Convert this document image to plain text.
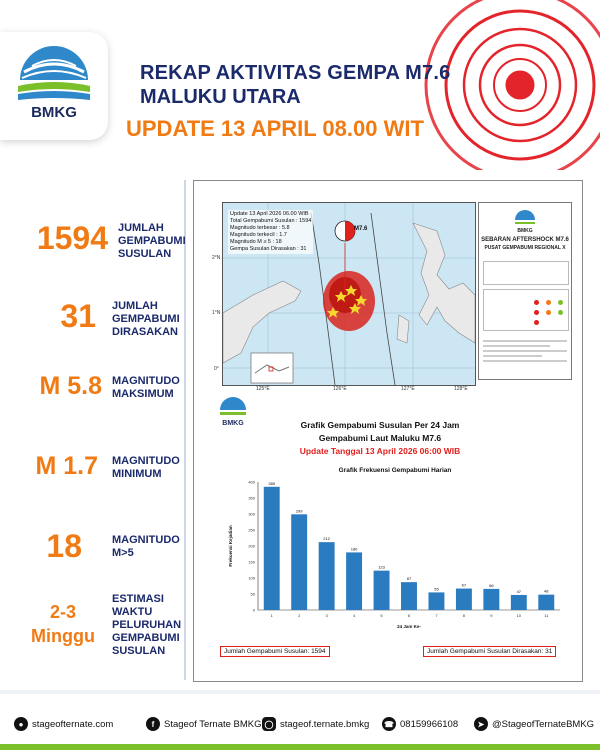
BMKG
REKAP AKTIVITAS GEMPA M7.6
MALUKU UTARA
UPDATE 13 APRIL 08.00 WIT
1594 JUMLAH
GEMPABUMI
SUSULAN
31 JUMLAH
GEMPABUMI
DIRASAKAN
M 5.8 MAGNITUDO
MAKSIMUM
M 1.7 MAGNITUDO
MINIMUM
18	MAGNITUDO
M>5
2-3
Minggu
ESTIMASI
WAKTU
PELURUHAN
GEMPABUMI
SUSULAN
Update 13 April 2026 06.00 WIB
Total Gempabumi Susulan : 1594
Magnitudo terbesar : 5.8
Magnitudo terkecil : 1.7
Magnitudo M ≥ 5 : 18
Gempa Susulan Dirasakan : 31
M7.6
2°N
1°N
0°
125°E	126°E	127°E	128°E
BMKG
SEBARAN AFTERSHOCK M7.6
PUSAT GEMPABUMI REGIONAL X
BMKG	Grafik Gempabumi Susulan Per 24 Jam
Gempabumi Laut Maluku M7.6
Update Tanggal 13 April 2026 06:00 WIB
Grafik Frekuensi Gempabumi Harian
0
50
100
150
200
250
300
350
400	385
1
299
2
212
3
180
4
123
5
87
6
55
7
67
8
66
9
47
10
48
11
24 Jam Ke-
Frekuensi Kejadian
Jumlah Gempabumi Susulan: 1594	Jumlah Gempabumi Susulan Dirasakan: 31
● stageofternate.com	f	Stageof Ternate BMKG ◯ stageof.ternate.bmkg ☎ 08159966108	➤ @StageofTernateBMKG
